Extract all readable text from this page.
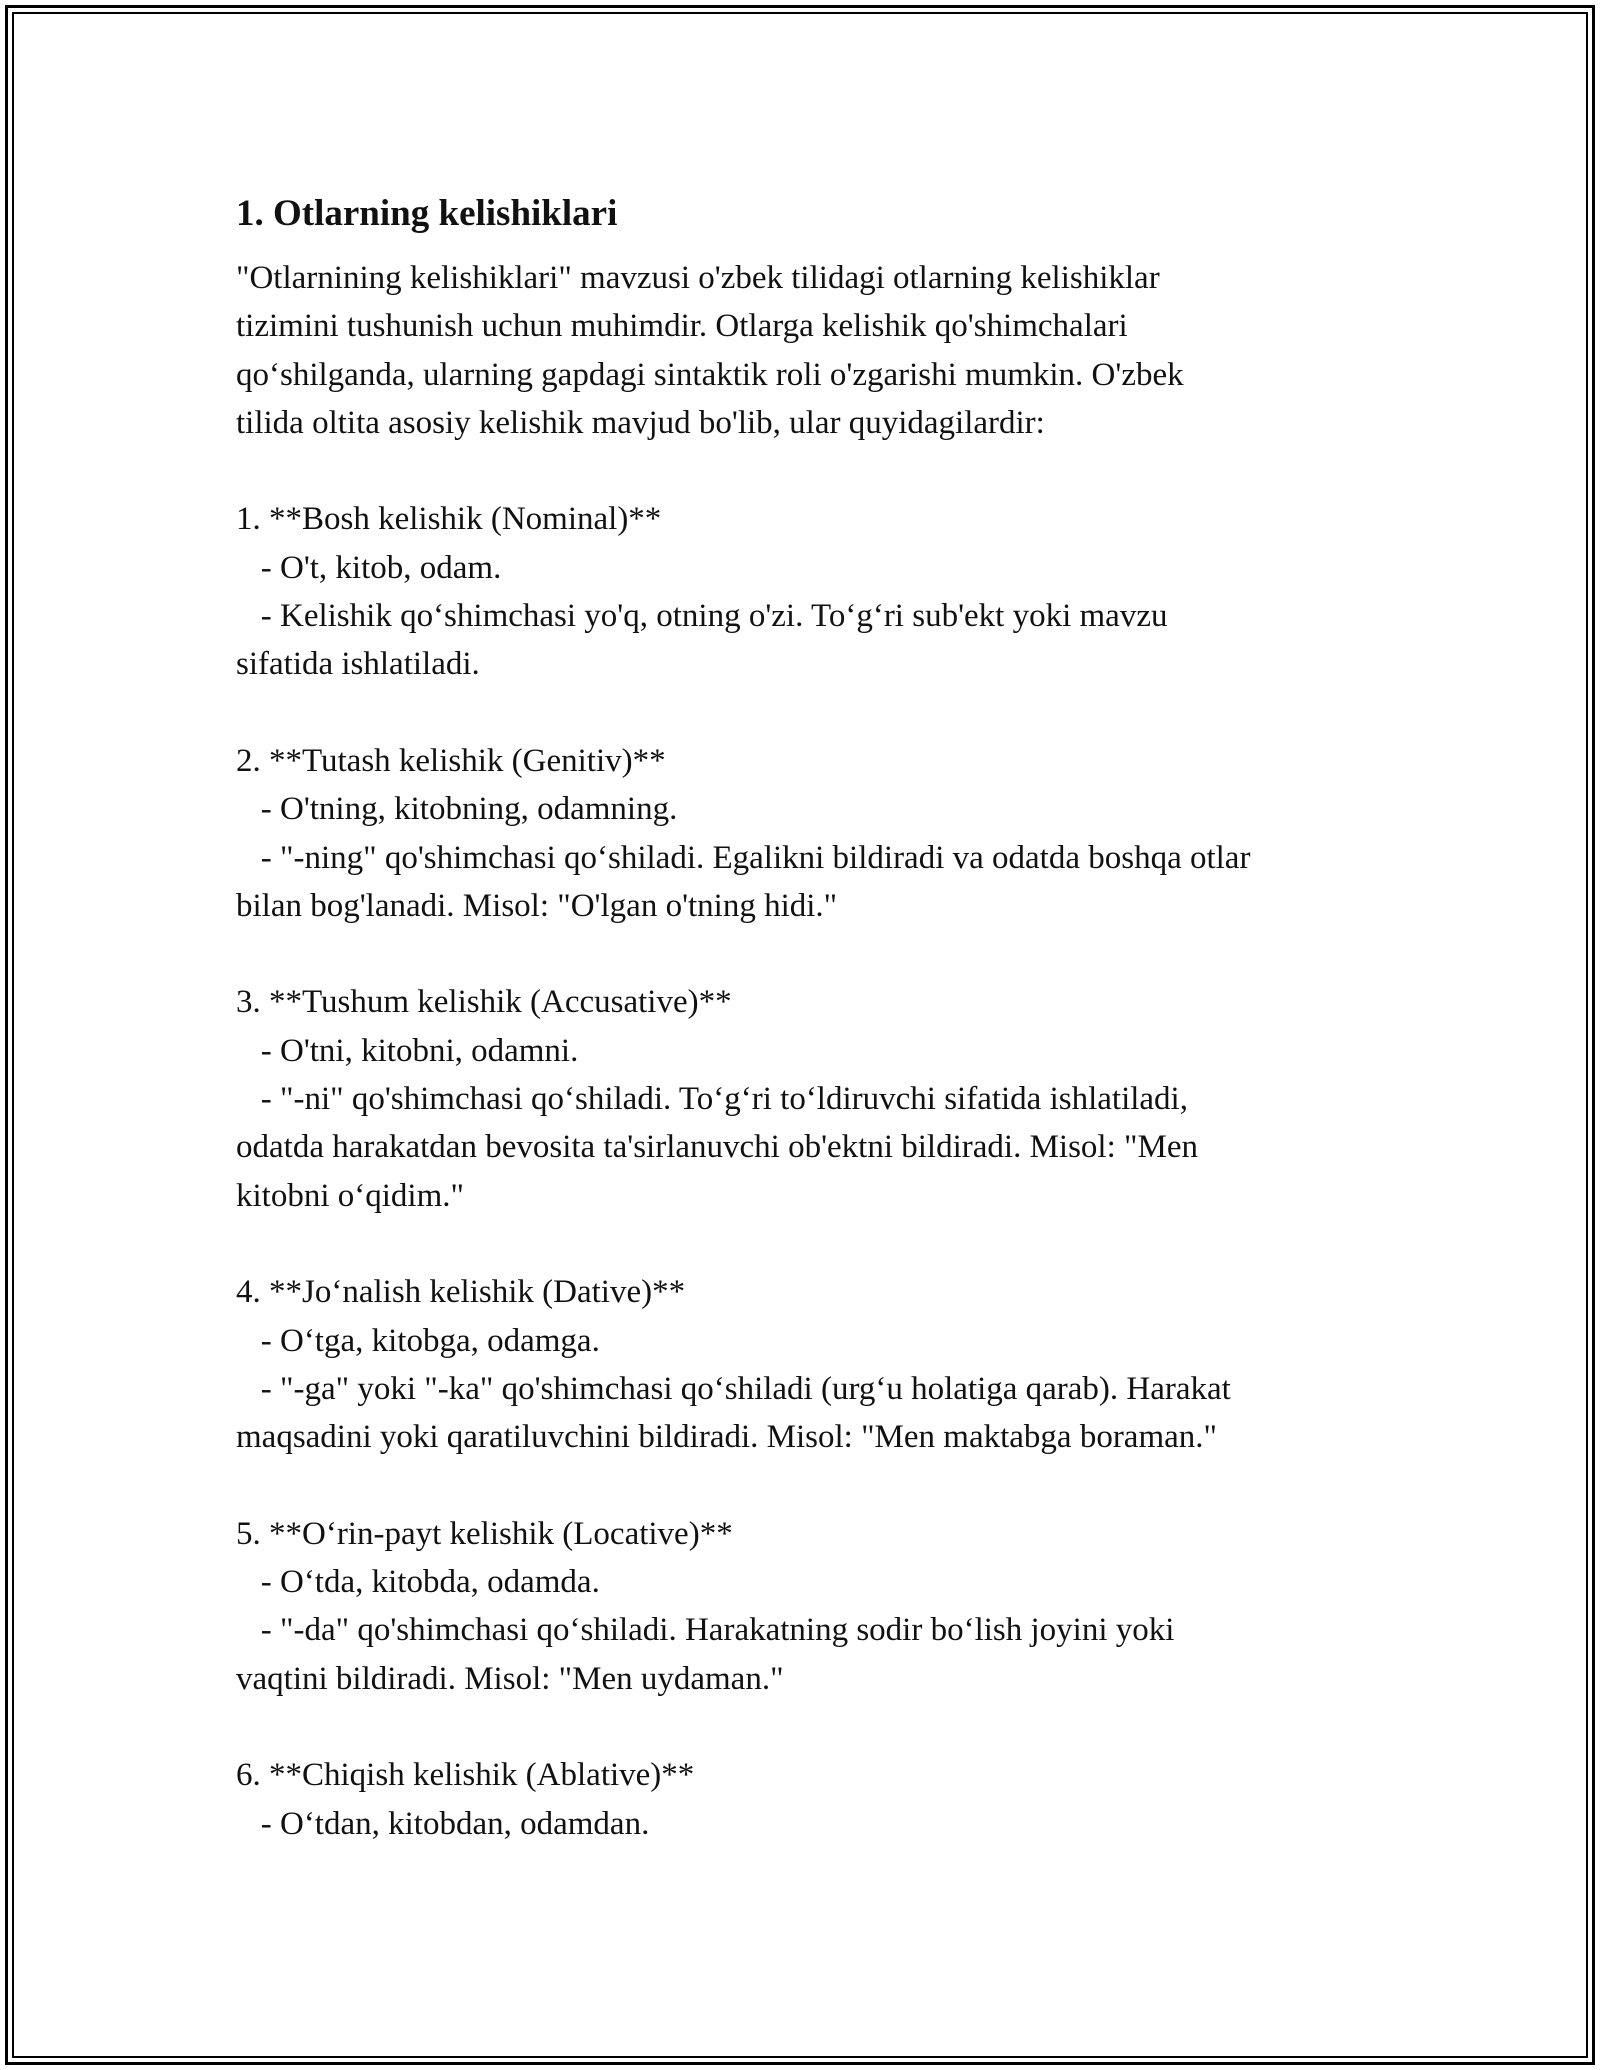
1. Otlarning kelishiklari
"Otlarnining kelishiklari" mavzusi o'zbek tilidagi otlarning kelishiklar
tizimini tushunish uchun muhimdir. Otlarga kelishik qo'shimchalari
qo‘shilganda, ularning gapdagi sintaktik roli o'zgarishi mumkin. O'zbek
tilida oltita asosiy kelishik mavjud bo'lib, ular quyidagilardir:
1. **Bosh kelishik (Nominal)**
- O't, kitob, odam.
- Kelishik qo‘shimchasi yo'q, otning o'zi. To‘g‘ri sub'ekt yoki mavzu
sifatida ishlatiladi.
2. **Tutash kelishik (Genitiv)**
- O'tning, kitobning, odamning.
- "-ning" qo'shimchasi qo‘shiladi. Egalikni bildiradi va odatda boshqa otlar
bilan bog'lanadi. Misol: "O'lgan o'tning hidi."
3. **Tushum kelishik (Accusative)**
- O'tni, kitobni, odamni.
- "-ni" qo'shimchasi qo‘shiladi. To‘g‘ri to‘ldiruvchi sifatida ishlatiladi,
odatda harakatdan bevosita ta'sirlanuvchi ob'ektni bildiradi. Misol: "Men
kitobni o‘qidim."
4. **Jo‘nalish kelishik (Dative)**
- O‘tga, kitobga, odamga.
- "-ga" yoki "-ka" qo'shimchasi qo‘shiladi (urg‘u holatiga qarab). Harakat
maqsadini yoki qaratiluvchini bildiradi. Misol: "Men maktabga boraman."
5. **O‘rin-payt kelishik (Locative)**
- O‘tda, kitobda, odamda.
- "-da" qo'shimchasi qo‘shiladi. Harakatning sodir bo‘lish joyini yoki
vaqtini bildiradi. Misol: "Men uydaman."
6. **Chiqish kelishik (Ablative)**
- O‘tdan, kitobdan, odamdan.
